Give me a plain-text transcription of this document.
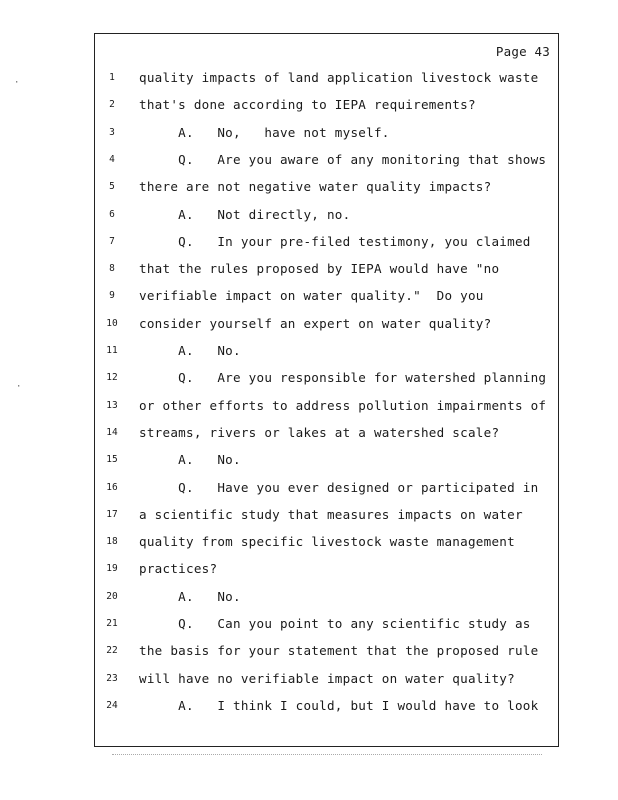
Page 43
1	quality impacts of land application livestock waste
2	that's done according to IEPA requirements?
3	A.   No,   have not myself.
4	Q.   Are you aware of any monitoring that shows
5	there are not negative water quality impacts?
6	A.   Not directly, no.
7	Q.   In your pre-filed testimony, you claimed
8	that the rules proposed by IEPA would have "no
9	verifiable impact on water quality."  Do you
10	consider yourself an expert on water quality?
11	A.   No.
12	Q.   Are you responsible for watershed planning
13	or other efforts to address pollution impairments of
14	streams, rivers or lakes at a watershed scale?
15	A.   No.
16	Q.   Have you ever designed or participated in
17	a scientific study that measures impacts on water
18	quality from specific livestock waste management
19	practices?
20	A.   No.
21	Q.   Can you point to any scientific study as
22	the basis for your statement that the proposed rule
23	will have no verifiable impact on water quality?
24	A.   I think I could, but I would have to look
·
·
